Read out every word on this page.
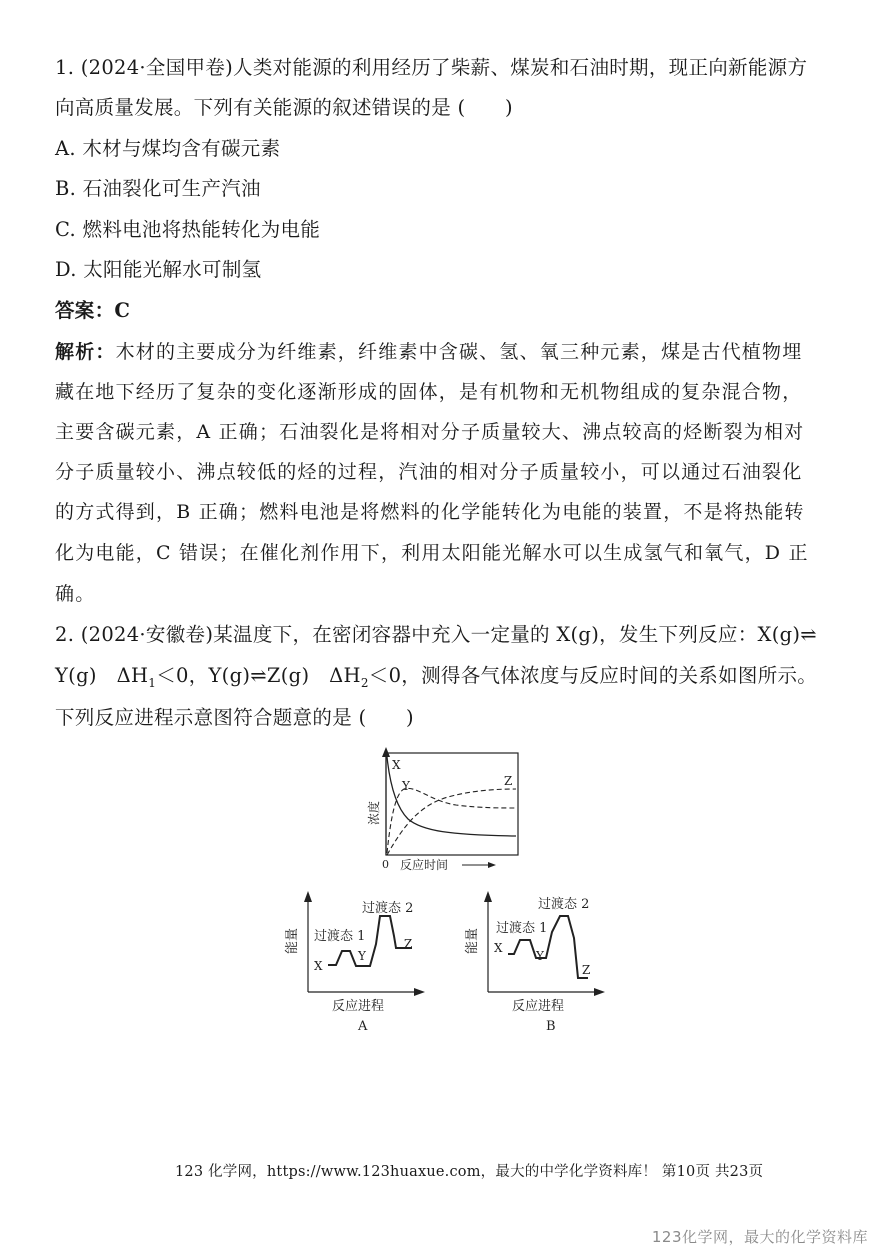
1. (2024·全国甲卷)人类对能源的利用经历了柴薪、煤炭和石油时期，现正向新能源方
向高质量发展。下列有关能源的叙述错误的是 (　　)
A. 木材与煤均含有碳元素
B. 石油裂化可生产汽油
C. 燃料电池将热能转化为电能
D. 太阳能光解水可制氢
答案：C
解析：木材的主要成分为纤维素，纤维素中含碳、氢、氧三种元素，煤是古代植物埋
藏在地下经历了复杂的变化逐渐形成的固体，是有机物和无机物组成的复杂混合物，
主要含碳元素，A 正确；石油裂化是将相对分子质量较大、沸点较高的烃断裂为相对
分子质量较小、沸点较低的烃的过程，汽油的相对分子质量较小，可以通过石油裂化
的方式得到，B 正确；燃料电池是将燃料的化学能转化为电能的装置，不是将热能转
化为电能，C 错误；在催化剂作用下，利用太阳能光解水可以生成氢气和氧气，D 正
确。
2. (2024·安徽卷)某温度下，在密闭容器中充入一定量的 X(g)，发生下列反应：X(g)⇌
Y(g)　$\Delta H_1<0$，Y(g)⇌Z(g)　$\Delta H_2<0$，测得各气体浓度与反应时间的关系如图所示。
下列反应进程示意图符合题意的是 (　　)
X
Y	Z
浓度
0 反应时间
过渡态 2
过渡态 1
X
Y
Z
能量
反应进程
A
过渡态 2
过渡态 1
X
Y
Z
能量
反应进程
B
123 化学网，https://www.123huaxue.com，最大的中学化学资料库！ 第10页 共23页
123化学网，最大的化学资料库
